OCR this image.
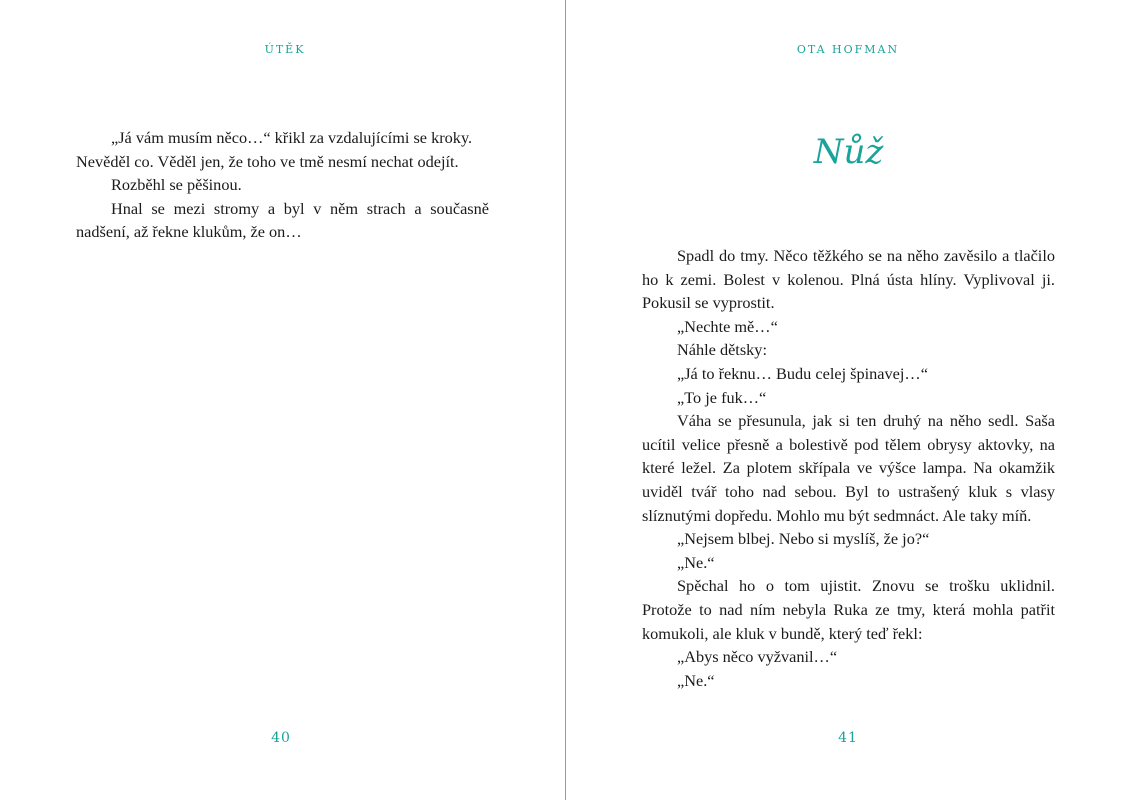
ÚTĚK

„Já vám musím něco…“ křikl za vzdalujícími se kroky.

Nevěděl co. Věděl jen, že toho ve tmě nesmí nechat odejít.

Rozběhl se pěšinou.

Hnal se mezi stromy a byl v něm strach a současně nadšení, až řekne klukům, že on…

40
OTA HOFMAN
Nůž

Spadl do tmy. Něco těžkého se na něho zavěsilo a tlačilo ho k zemi. Bolest v kolenou. Plná ústa hlíny. Vyplivoval ji. Pokusil se vyprostit.

„Nechte mě…“

Náhle dětsky:

„Já to řeknu… Budu celej špinavej…“

„To je fuk…“

Váha se přesunula, jak si ten druhý na něho sedl. Saša ucítil velice přesně a bolestivě pod tělem obrysy aktovky, na které ležel. Za plotem skřípala ve výšce lampa. Na okamžik uviděl tvář toho nad sebou. Byl to ustrašený kluk s vlasy slíznutými dopředu. Mohlo mu být sedmnáct. Ale taky míň.

„Nejsem blbej. Nebo si myslíš, že jo?“

„Ne.“

Spěchal ho o tom ujistit. Znovu se trošku uklidnil. Protože to nad ním nebyla Ruka ze tmy, která mohla patřit komukoli, ale kluk v bundě, který teď řekl:

„Abys něco vyžvanil…“

„Ne.“

41
